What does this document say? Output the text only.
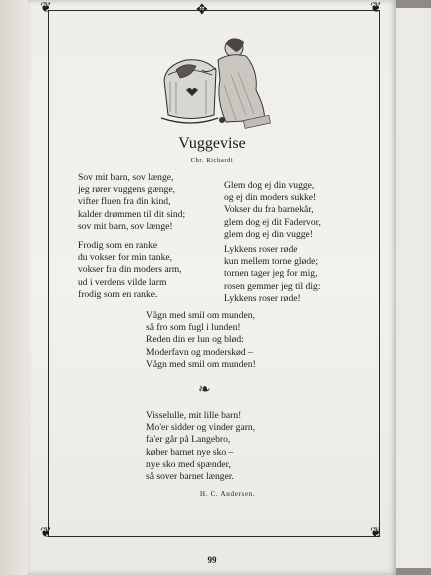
❦	❦
❦	❦
✥
Vuggevise
Chr. Richardt
Sov mit barn, sov længe,
jeg rører vuggens gænge,
vifter fluen fra din kind,
kalder drømmen til dit sind;
sov mit barn, sov længe!
Frodig som en ranke
du vokser for min tanke,
vokser fra din moders arm,
ud i verdens vilde larm
frodig som en ranke.
Glem dog ej din vugge,
og ej din moders sukke!
Vokser du fra barnekår,
glem dog ej dit Fadervor,
glem dog ej din vugge!
Lykkens roser røde
kun mellem torne gløde;
tornen tager jeg for mig,
rosen gemmer jeg til dig:
Lykkens roser røde!
Vågn med smil om munden,
så fro som fugl i lunden!
Reden din er lun og blød:
Moderfavn og moderskød –
Vågn med smil om munden!
❧
Visselulle, mit lille barn!
Mo'er sidder og vinder garn,
fa'er går på Langebro,
køber barnet nye sko –
nye sko med spænder,
så sover barnet længer.
H. C. Andersen.
99
